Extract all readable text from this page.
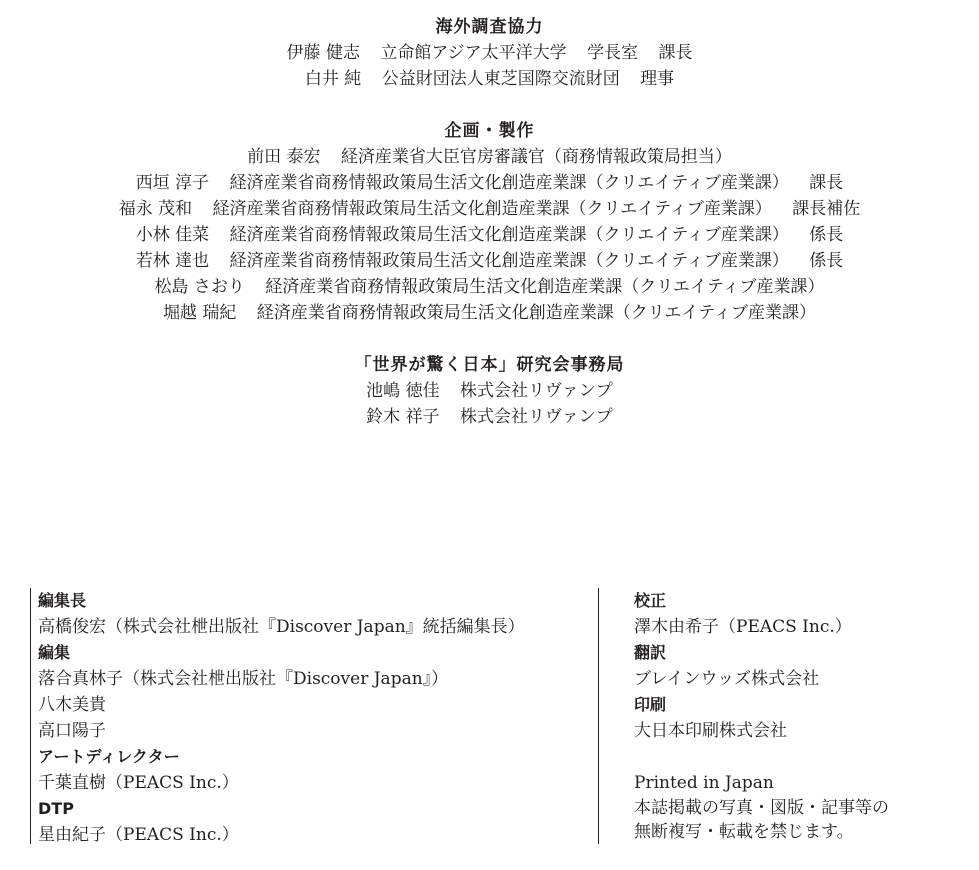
海外調査協力
伊藤 健志 立命館アジア太平洋大学 学長室 課長
白井 純 公益財団法人東芝国際交流財団 理事
企画・製作
前田 泰宏 経済産業省大臣官房審議官（商務情報政策局担当）
西垣 淳子 経済産業省商務情報政策局生活文化創造産業課（クリエイティブ産業課） 課長
福永 茂和 経済産業省商務情報政策局生活文化創造産業課（クリエイティブ産業課） 課長補佐
小林 佳菜 経済産業省商務情報政策局生活文化創造産業課（クリエイティブ産業課） 係長
若林 達也 経済産業省商務情報政策局生活文化創造産業課（クリエイティブ産業課） 係長
松島 さおり 経済産業省商務情報政策局生活文化創造産業課（クリエイティブ産業課）
堀越 瑞紀 経済産業省商務情報政策局生活文化創造産業課（クリエイティブ産業課）
「世界が驚く日本」研究会事務局
池嶋 徳佳 株式会社リヴァンプ
鈴木 祥子 株式会社リヴァンプ
編集長
高橋俊宏（株式会社枻出版社『Discover Japan』統括編集長）
編集
落合真林子（株式会社枻出版社『Discover Japan』）
八木美貴
高口陽子
アートディレクター
千葉直樹（PEACS Inc.）
DTP
星由紀子（PEACS Inc.）
校正
澤木由希子（PEACS Inc.）
翻訳
ブレインウッズ株式会社
印刷
大日本印刷株式会社
Printed in Japan
本誌掲載の写真・図版・記事等の
無断複写・転載を禁じます。
